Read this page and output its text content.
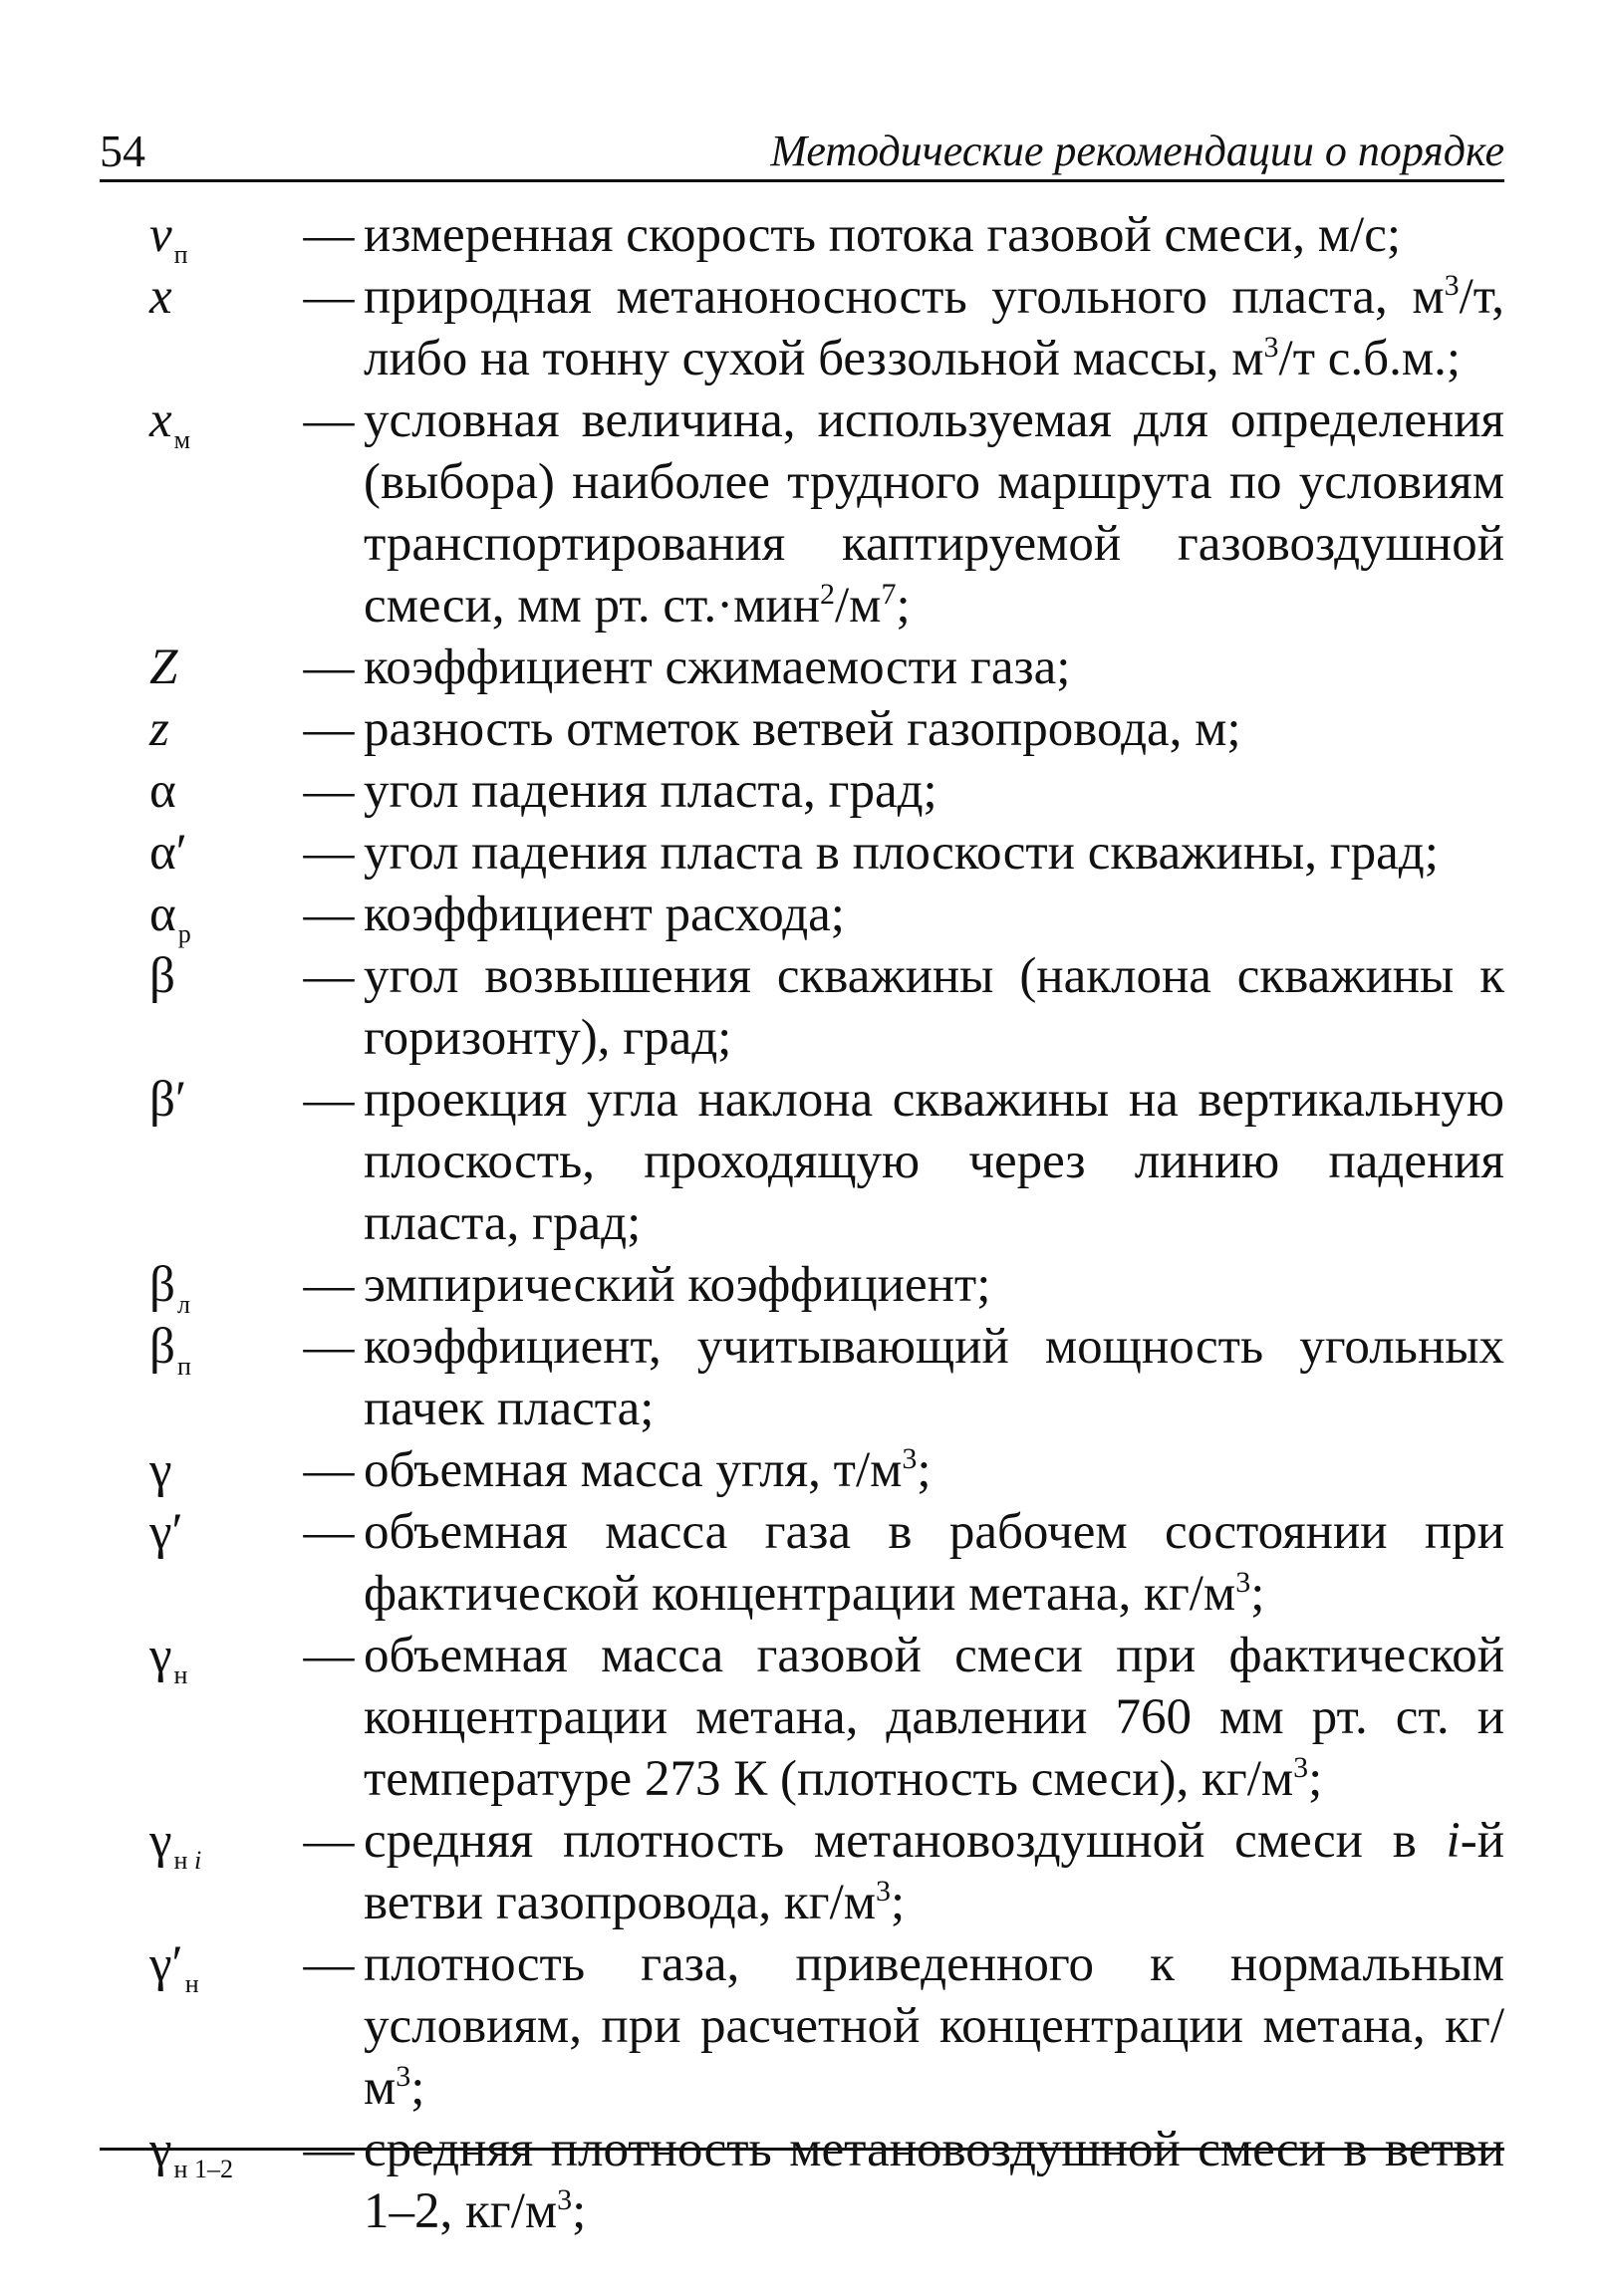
54	Методические рекомендации о порядке
$v_п$	— измеренная скорость потока газовой смеси, м/с;
x	— природная метаноносность угольного пласта, $м^3/т$, либо на тонну сухой беззольной массы, $м^3/т$ с.б.м.;
$x_м$	— условная величина, используемая для определения (выбора) наиболее трудного маршрута по условиям транспортирования каптируемой газовоздушной смеси, мм рт. $ст.\cdot мин^2/м^7$;
Z	— коэффициент сжимаемости газа;
z	— разность отметок ветвей газопровода, м;
α	— угол падения пласта, град;
α′	— угол падения пласта в плоскости скважины, град;
$\alpha_р$	— коэффициент расхода;
β	— угол возвышения скважины (наклона скважины к горизонту), град;
β′	— проекция угла наклона скважины на вертикальную плоскость, проходящую через линию падения пласта, град;
$\beta_л$	— эмпирический коэффициент;
$\beta_п$	— коэффициент, учитывающий мощность угольных пачек пласта;
γ	— объемная масса угля, $т/м^3$;
γ′	— объемная масса газа в рабочем состоянии при фактической концентрации метана, $кг/м^3$;
$\gamma_н$	— объемная масса газовой смеси при фактической концентрации метана, давлении 760 мм рт. ст. и температуре 273 К (плотность смеси), $кг/м^3$;
$\gamma_{н i}$	— средняя плотность метановоздушной смеси в i-й ветви газопровода, $кг/м^3$;
$\gamma'_н$	— плотность газа, приведенного к нормальным условиям, при расчетной концентрации метана, $кг/м^3$;
$\gamma_{н 1-2}$	— средняя плотность метановоздушной смеси в ветви 1–2, $кг/м^3$;
